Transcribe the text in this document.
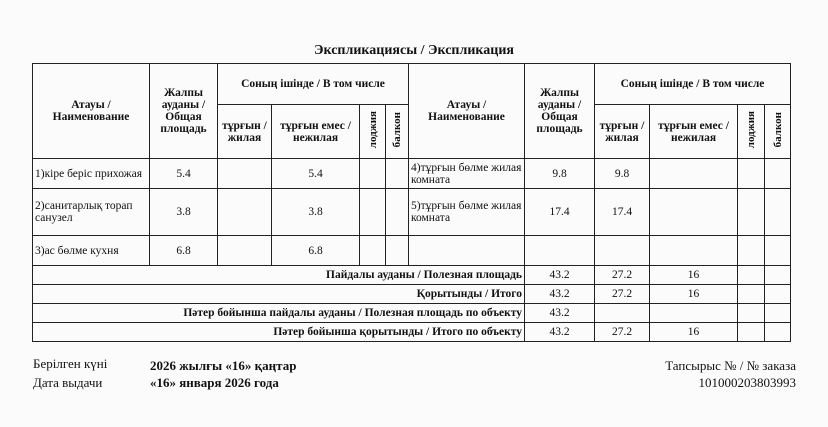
Экспликациясы / Экспликация
Атауы / Наименование	Жалпы ауданы / Общая площадь	Соның ішінде / В том числе				Атауы / Наименование	Жалпы ауданы / Общая площадь	Соның ішінде / В том числе			
		тұрғын / жилая	тұрғын емес / нежилая	лоджия	балкон			тұрғын / жилая	тұрғын емес / нежилая	лоджия	балкон
1)кіре беріс прихожая	5.4		5.4			4)тұрғын бөлме жилая комната	9.8	9.8			
2)санитарлық торап санузел	3.8		3.8			5)тұрғын бөлме жилая комната	17.4	17.4			
3)ас бөлме кухня	6.8		6.8								
Пайдалы ауданы / Полезная площадь							43.2	27.2	16		
Қорытынды / Итого							43.2	27.2	16		
Пәтер бойынша пайдалы ауданы / Полезная площадь по объекту							43.2				
Пәтер бойынша қорытынды / Итого по объекту							43.2	27.2	16		
Берілген күні
Дата выдачи
2026 жылғы «16» қаңтар
«16» января 2026 года
Тапсырыс № / № заказа
101000203803993
